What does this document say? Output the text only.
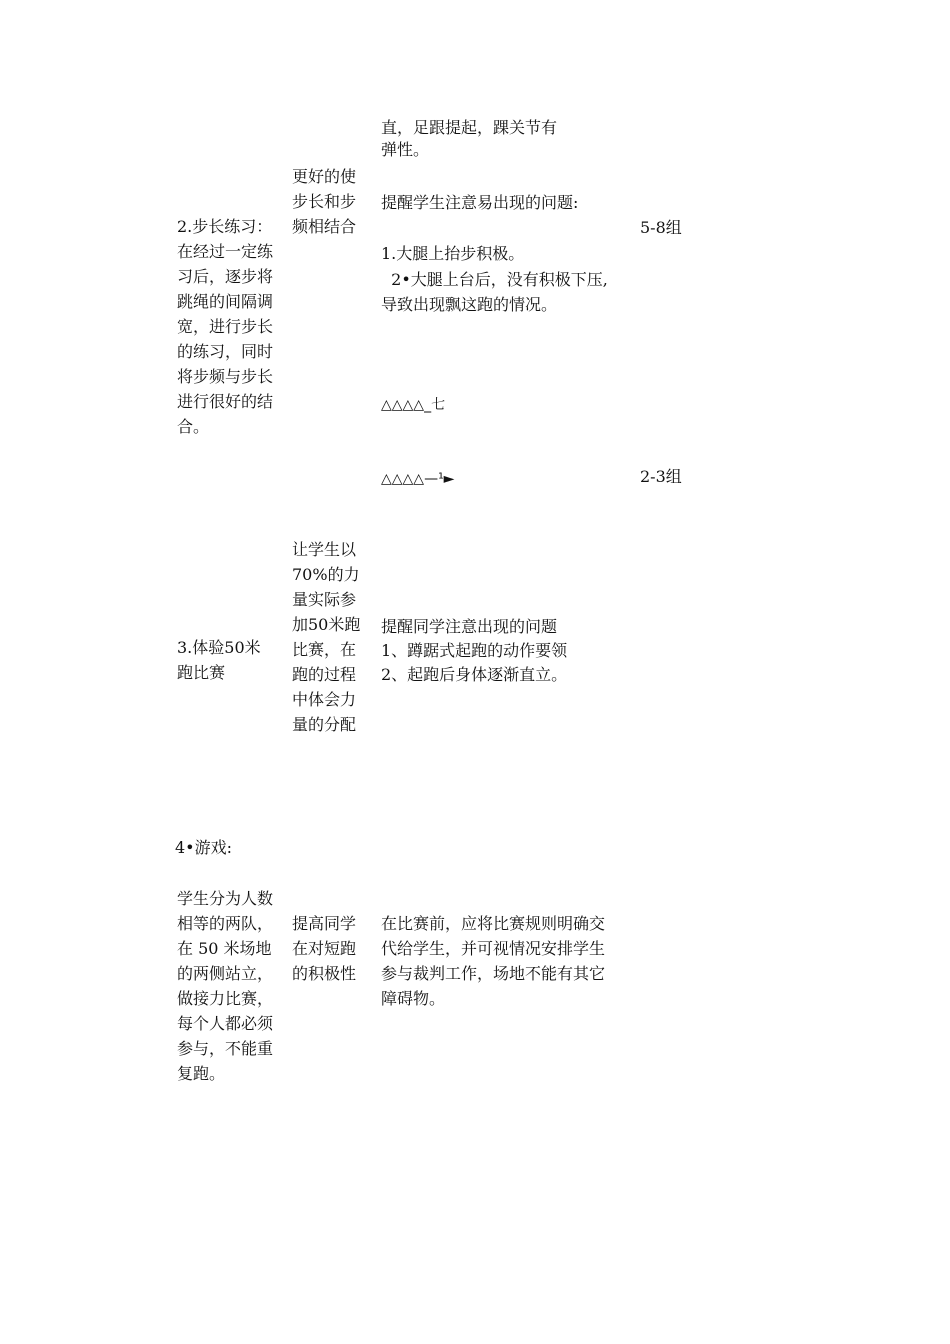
直，足跟提起，踝关节有
弹性。
2.步长练习：
在经过一定练
习后，逐步将
跳绳的间隔调
宽，进行步长
的练习，同时
将步频与步长
进行很好的结
合。
更好的使
步长和步
频相结合
提醒学生注意易出现的问题:
1.大腿上抬步积极。
2•大腿上台后，没有积极下压,
导致出现飘这跑的情况。
△△△△_七
△△△△—¹►
5-8组
2-3组
3.体验50米
跑比赛
让学生以
70%的力
量实际参
加50米跑
比赛，在
跑的过程
中体会力
量的分配
提醒同学注意出现的问题
1、蹲踞式起跑的动作要领
2、起跑后身体逐渐直立。
4•游戏:
学生分为人数
相等的两队，
在 50 米场地
的两侧站立，
做接力比赛，
每个人都必须
参与，不能重
复跑。
提高同学
在对短跑
的积极性
在比赛前，应将比赛规则明确交
代给学生，并可视情况安排学生
参与裁判工作，场地不能有其它
障碍物。
